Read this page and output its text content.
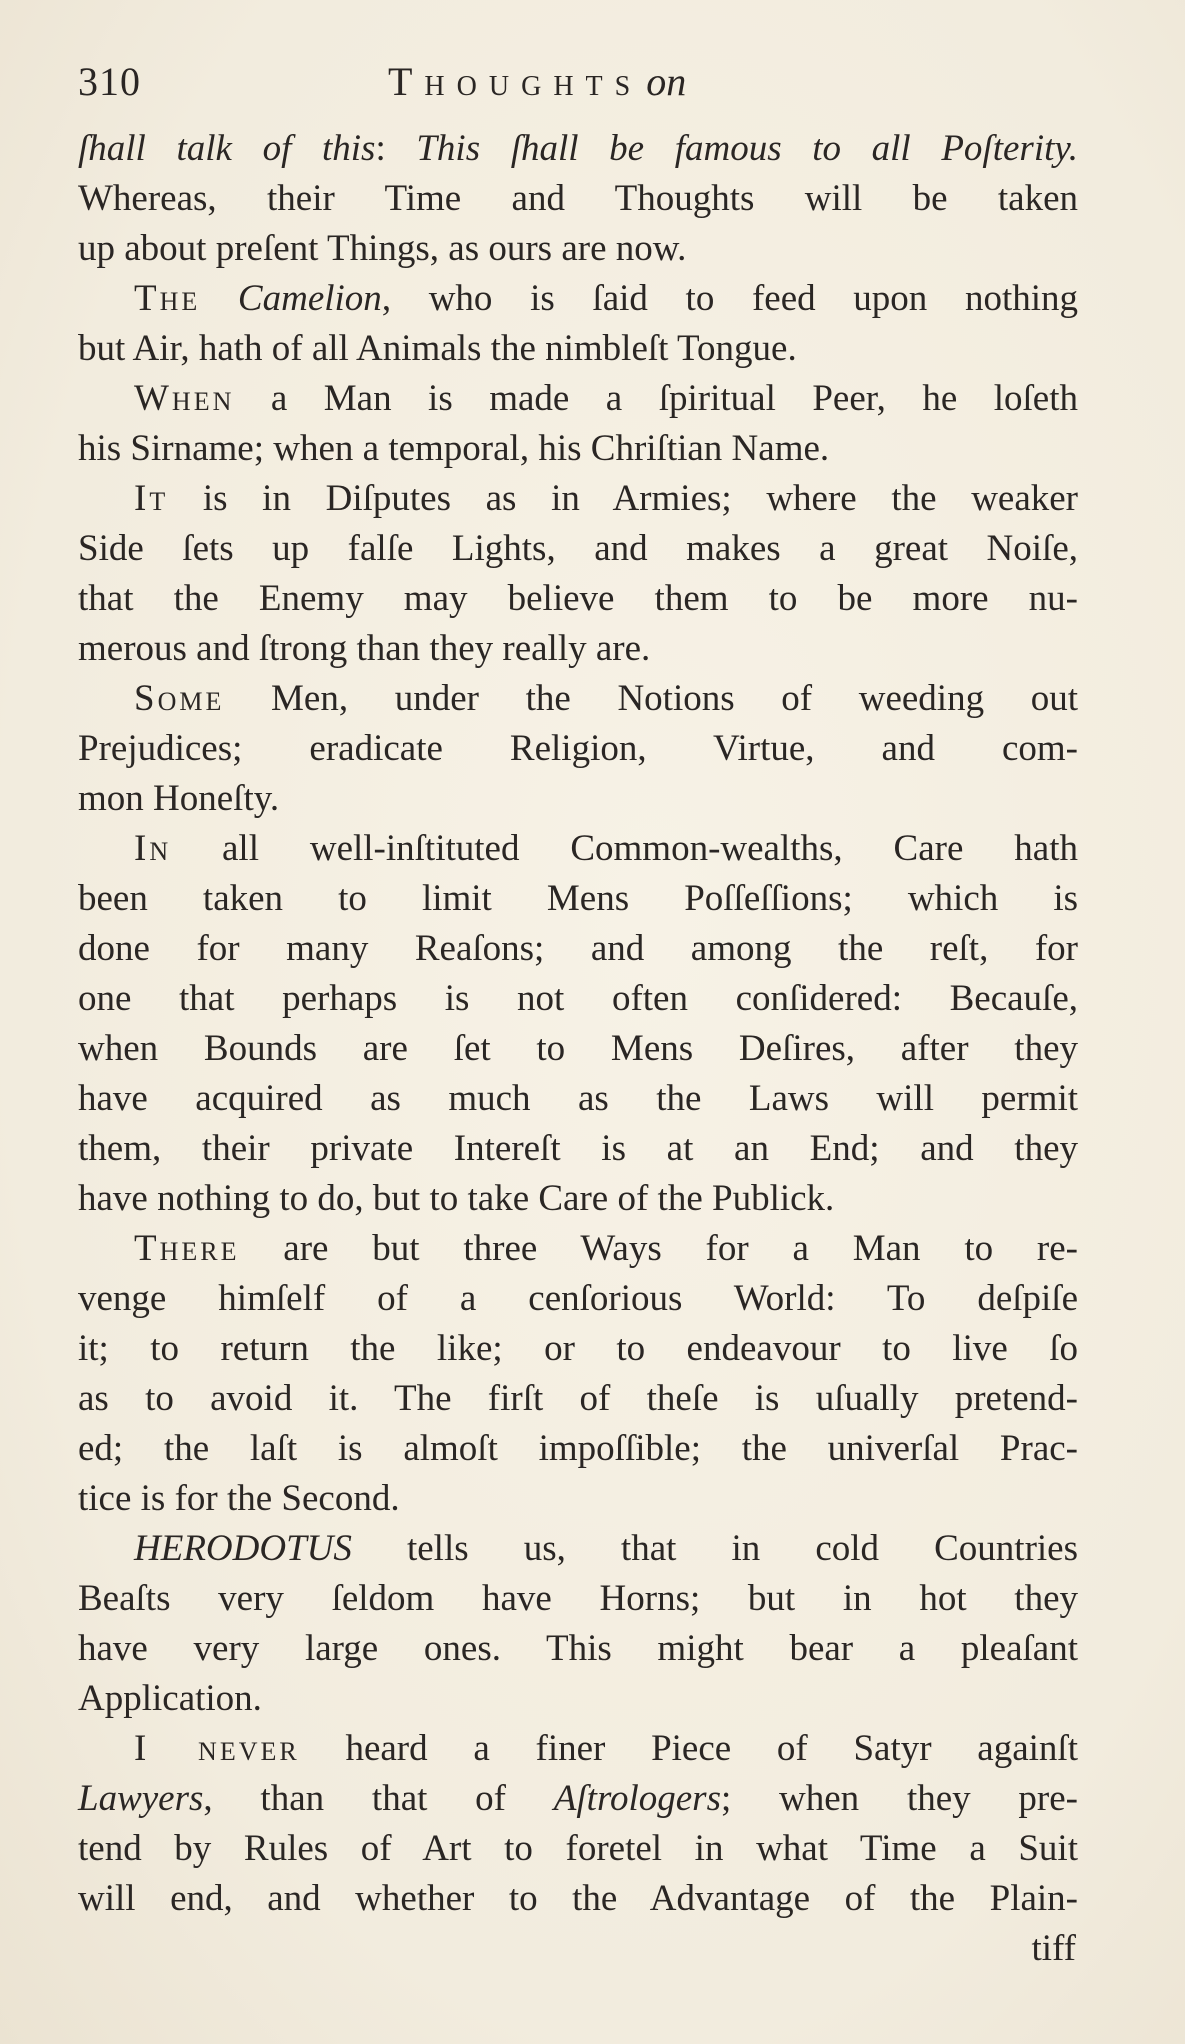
310	Thoughts on
ſhall talk of this: This ſhall be famous to all Poſterity.
Whereas, their Time and Thoughts will be taken
up about preſent Things, as ours are now.
The Camelion, who is ſaid to feed upon nothing
but Air, hath of all Animals the nimbleſt Tongue.
When a Man is made a ſpiritual Peer, he loſeth
his Sirname; when a temporal, his Chriſtian Name.
It is in Diſputes as in Armies; where the weaker
Side ſets up falſe Lights, and makes a great Noiſe,
that the Enemy may believe them to be more nu-
merous and ſtrong than they really are.
Some Men, under the Notions of weeding out
Prejudices; eradicate Religion, Virtue, and com-
mon Honeſty.
In all well-inſtituted Common-wealths, Care hath
been taken to limit Mens Poſſeſſions; which is
done for many Reaſons; and among the reſt, for
one that perhaps is not often conſidered: Becauſe,
when Bounds are ſet to Mens Deſires, after they
have acquired as much as the Laws will permit
them, their private Intereſt is at an End; and they
have nothing to do, but to take Care of the Publick.
There are but three Ways for a Man to re-
venge himſelf of a cenſorious World: To deſpiſe
it; to return the like; or to endeavour to live ſo
as to avoid it. The firſt of theſe is uſually pretend-
ed; the laſt is almoſt impoſſible; the univerſal Prac-
tice is for the Second.
HERODOTUS tells us, that in cold Countries
Beaſts very ſeldom have Horns; but in hot they
have very large ones. This might bear a pleaſant
Application.
I never heard a finer Piece of Satyr againſt
Lawyers, than that of Aſtrologers; when they pre-
tend by Rules of Art to foretel in what Time a Suit
will end, and whether to the Advantage of the Plain-
tiff
